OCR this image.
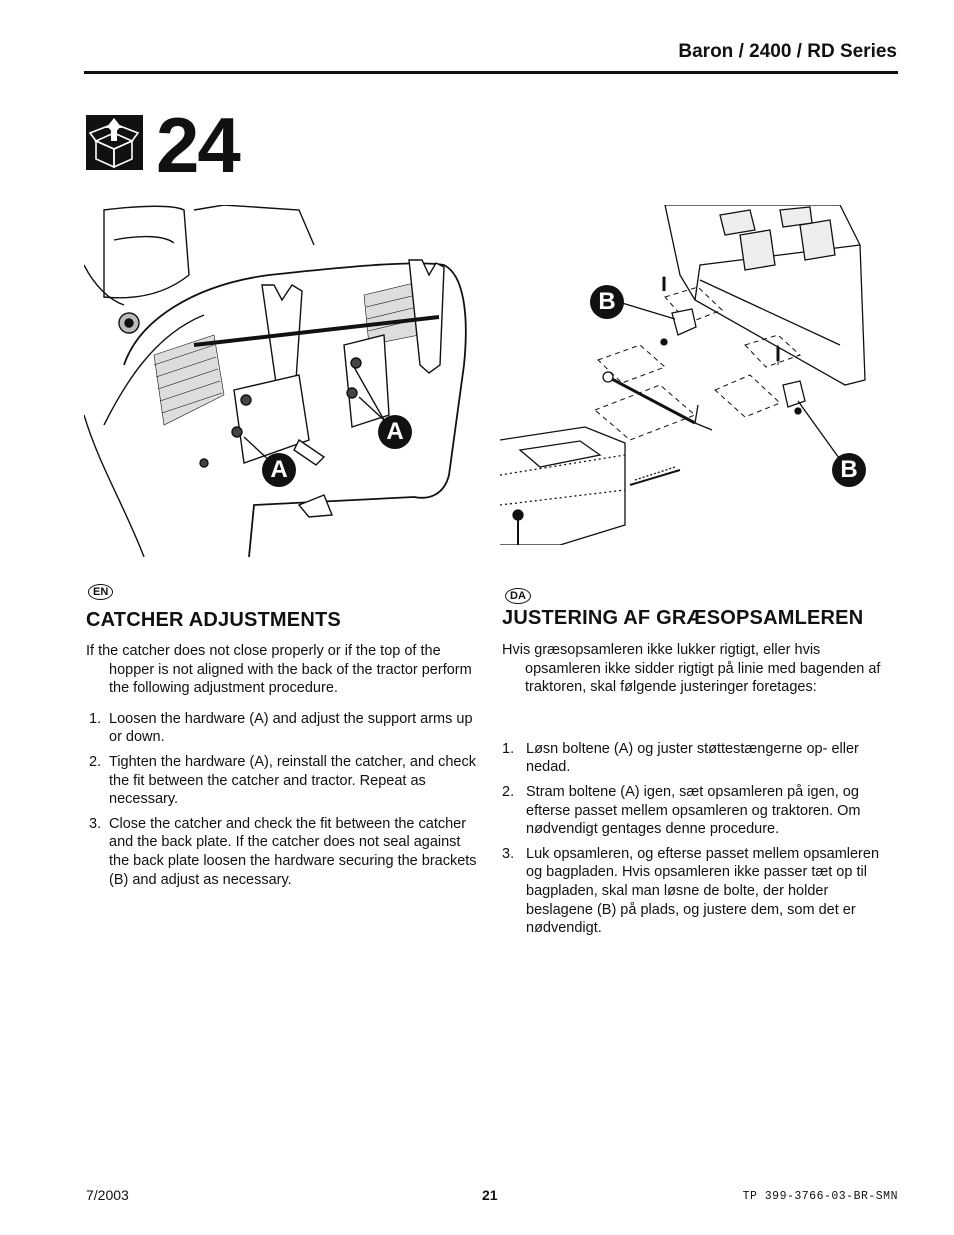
Baron / 2400 / RD Series
24
A
A
B
B
EN
CATCHER ADJUSTMENTS

If the catcher does not close properly or if the top of the hopper is not aligned with the back of the tractor perform the following adjustment procedure.

1. Loosen the hardware (A) and adjust the support arms up or down.
2. Tighten the hardware (A), reinstall the catcher, and check the fit between the catcher and tractor. Repeat as necessary.
3. Close the catcher and check the fit between the catcher and the back plate. If the catcher does not seal against the back plate loosen the hardware securing the brackets (B) and adjust as necessary.
DA
JUSTERING AF GRÆSOPSAMLEREN

Hvis græsopsamleren ikke lukker rigtigt, eller hvis opsamleren ikke sidder rigtigt på linie med bagenden af traktoren, skal følgende justeringer foretages:

1. Løsn boltene (A) og juster støttestængerne op- eller nedad.
2. Stram boltene (A) igen, sæt opsamleren på igen, og efterse passet mellem opsamleren og traktoren. Om nødvendigt gentages denne procedure.
3. Luk opsamleren, og efterse passet mellem opsamleren og bagpladen. Hvis opsamleren ikke passer tæt op til bagpladen, skal man løsne de bolte, der holder beslagene (B) på plads, og justere dem, som det er nødvendigt.
7/2003	21	TP 399-3766-03-BR-SMN
